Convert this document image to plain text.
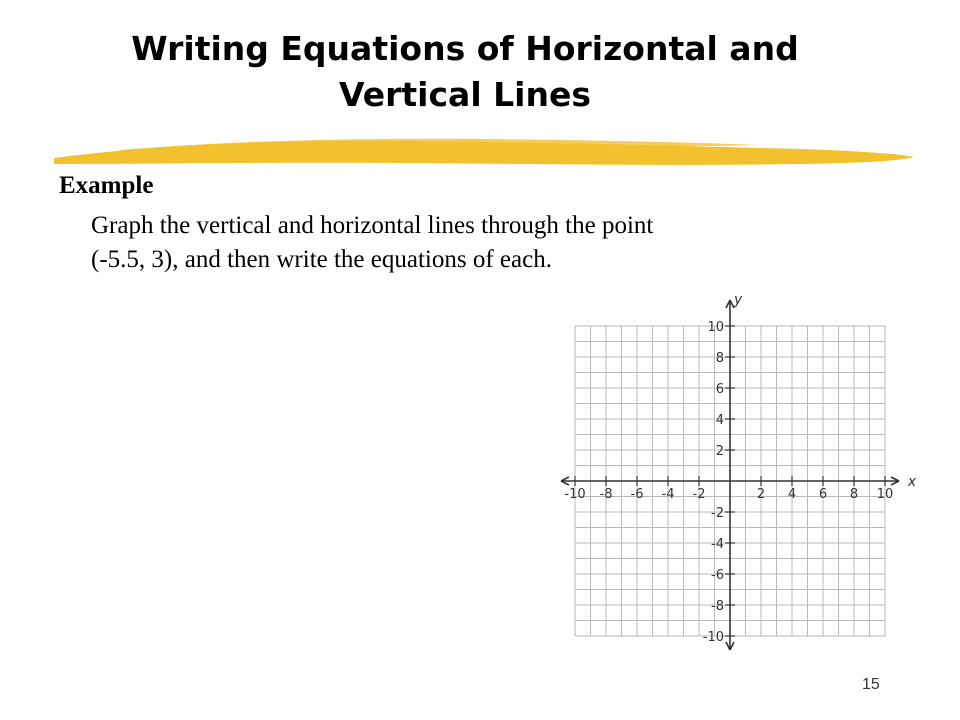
Writing Equations of Horizontal and
Vertical Lines
Example
Graph the vertical and horizontal lines through the point
(-5.5, 3), and then write the equations of each.
-10 -8 -6 -4 -2	2 4 6 8 10
10
8
6
4
2
-2
-4
-6
-8
-10
x
y
15
